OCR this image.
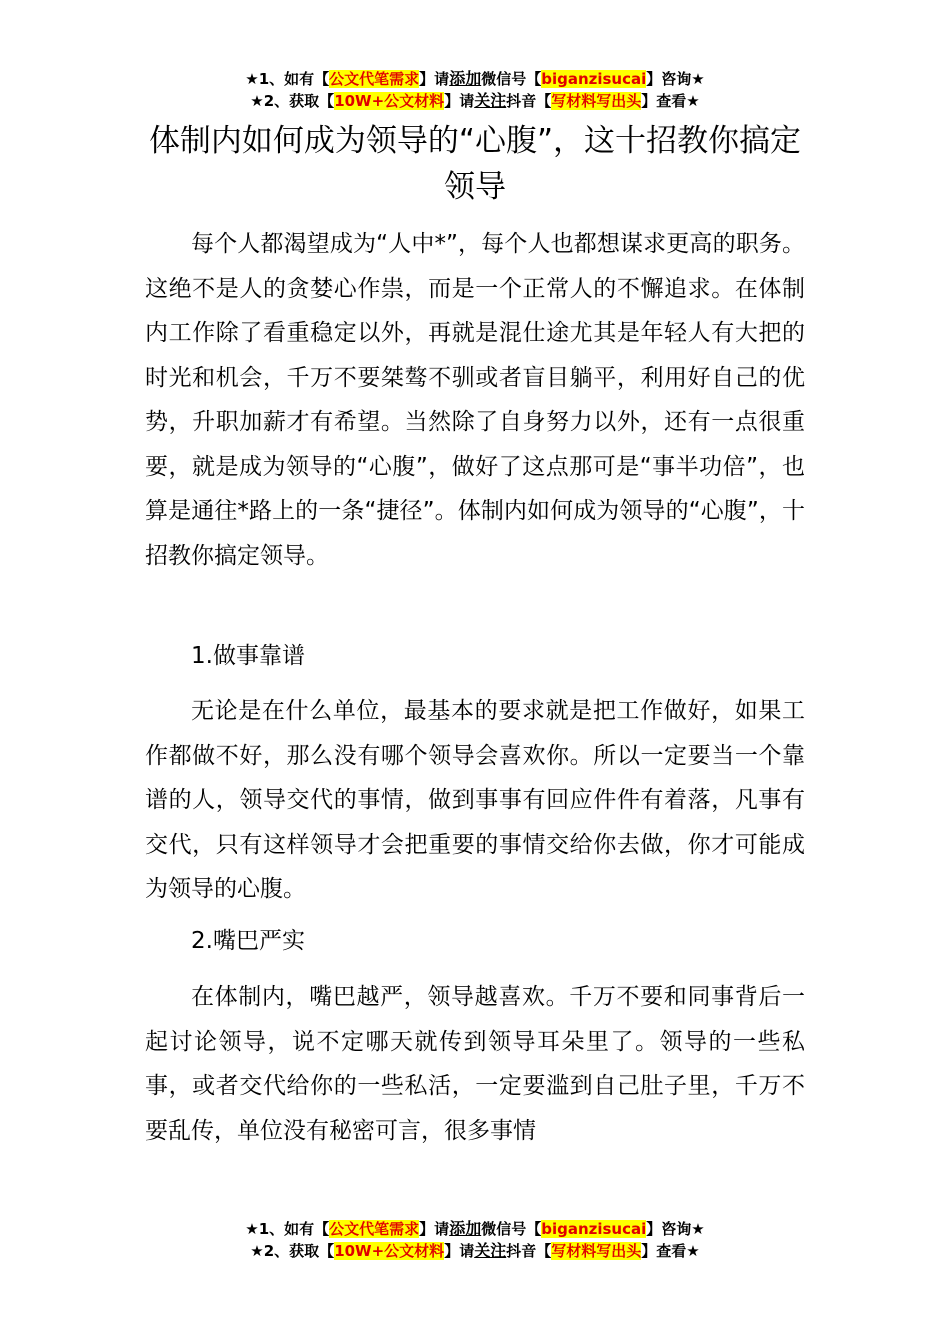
★1、如有【公文代笔需求】请添加微信号【biganzisucai】咨询★
★2、获取【10W+公文材料】请关注抖音【写材料写出头】查看★
体制内如何成为领导的“心腹”，这十招教你搞定领导

每个人都渴望成为“人中*”，每个人也都想谋求更高的职务。这绝不是人的贪婪心作祟，而是一个正常人的不懈追求。在体制内工作除了看重稳定以外，再就是混仕途尤其是年轻人有大把的时光和机会，千万不要桀骜不驯或者盲目躺平，利用好自己的优势，升职加薪才有希望。当然除了自身努力以外，还有一点很重要，就是成为领导的“心腹”，做好了这点那可是“事半功倍”，也算是通往*路上的一条“捷径”。体制内如何成为领导的“心腹”，十招教你搞定领导。

1.做事靠谱

无论是在什么单位，最基本的要求就是把工作做好，如果工作都做不好，那么没有哪个领导会喜欢你。所以一定要当一个靠谱的人，领导交代的事情，做到事事有回应件件有着落，凡事有交代，只有这样领导才会把重要的事情交给你去做，你才可能成为领导的心腹。

2.嘴巴严实

在体制内，嘴巴越严，领导越喜欢。千万不要和同事背后一起讨论领导，说不定哪天就传到领导耳朵里了。领导的一些私事，或者交代给你的一些私活，一定要滥到自己肚子里，千万不要乱传，单位没有秘密可言，很多事情

★1、如有【公文代笔需求】请添加微信号【biganzisucai】咨询★
★2、获取【10W+公文材料】请关注抖音【写材料写出头】查看★
